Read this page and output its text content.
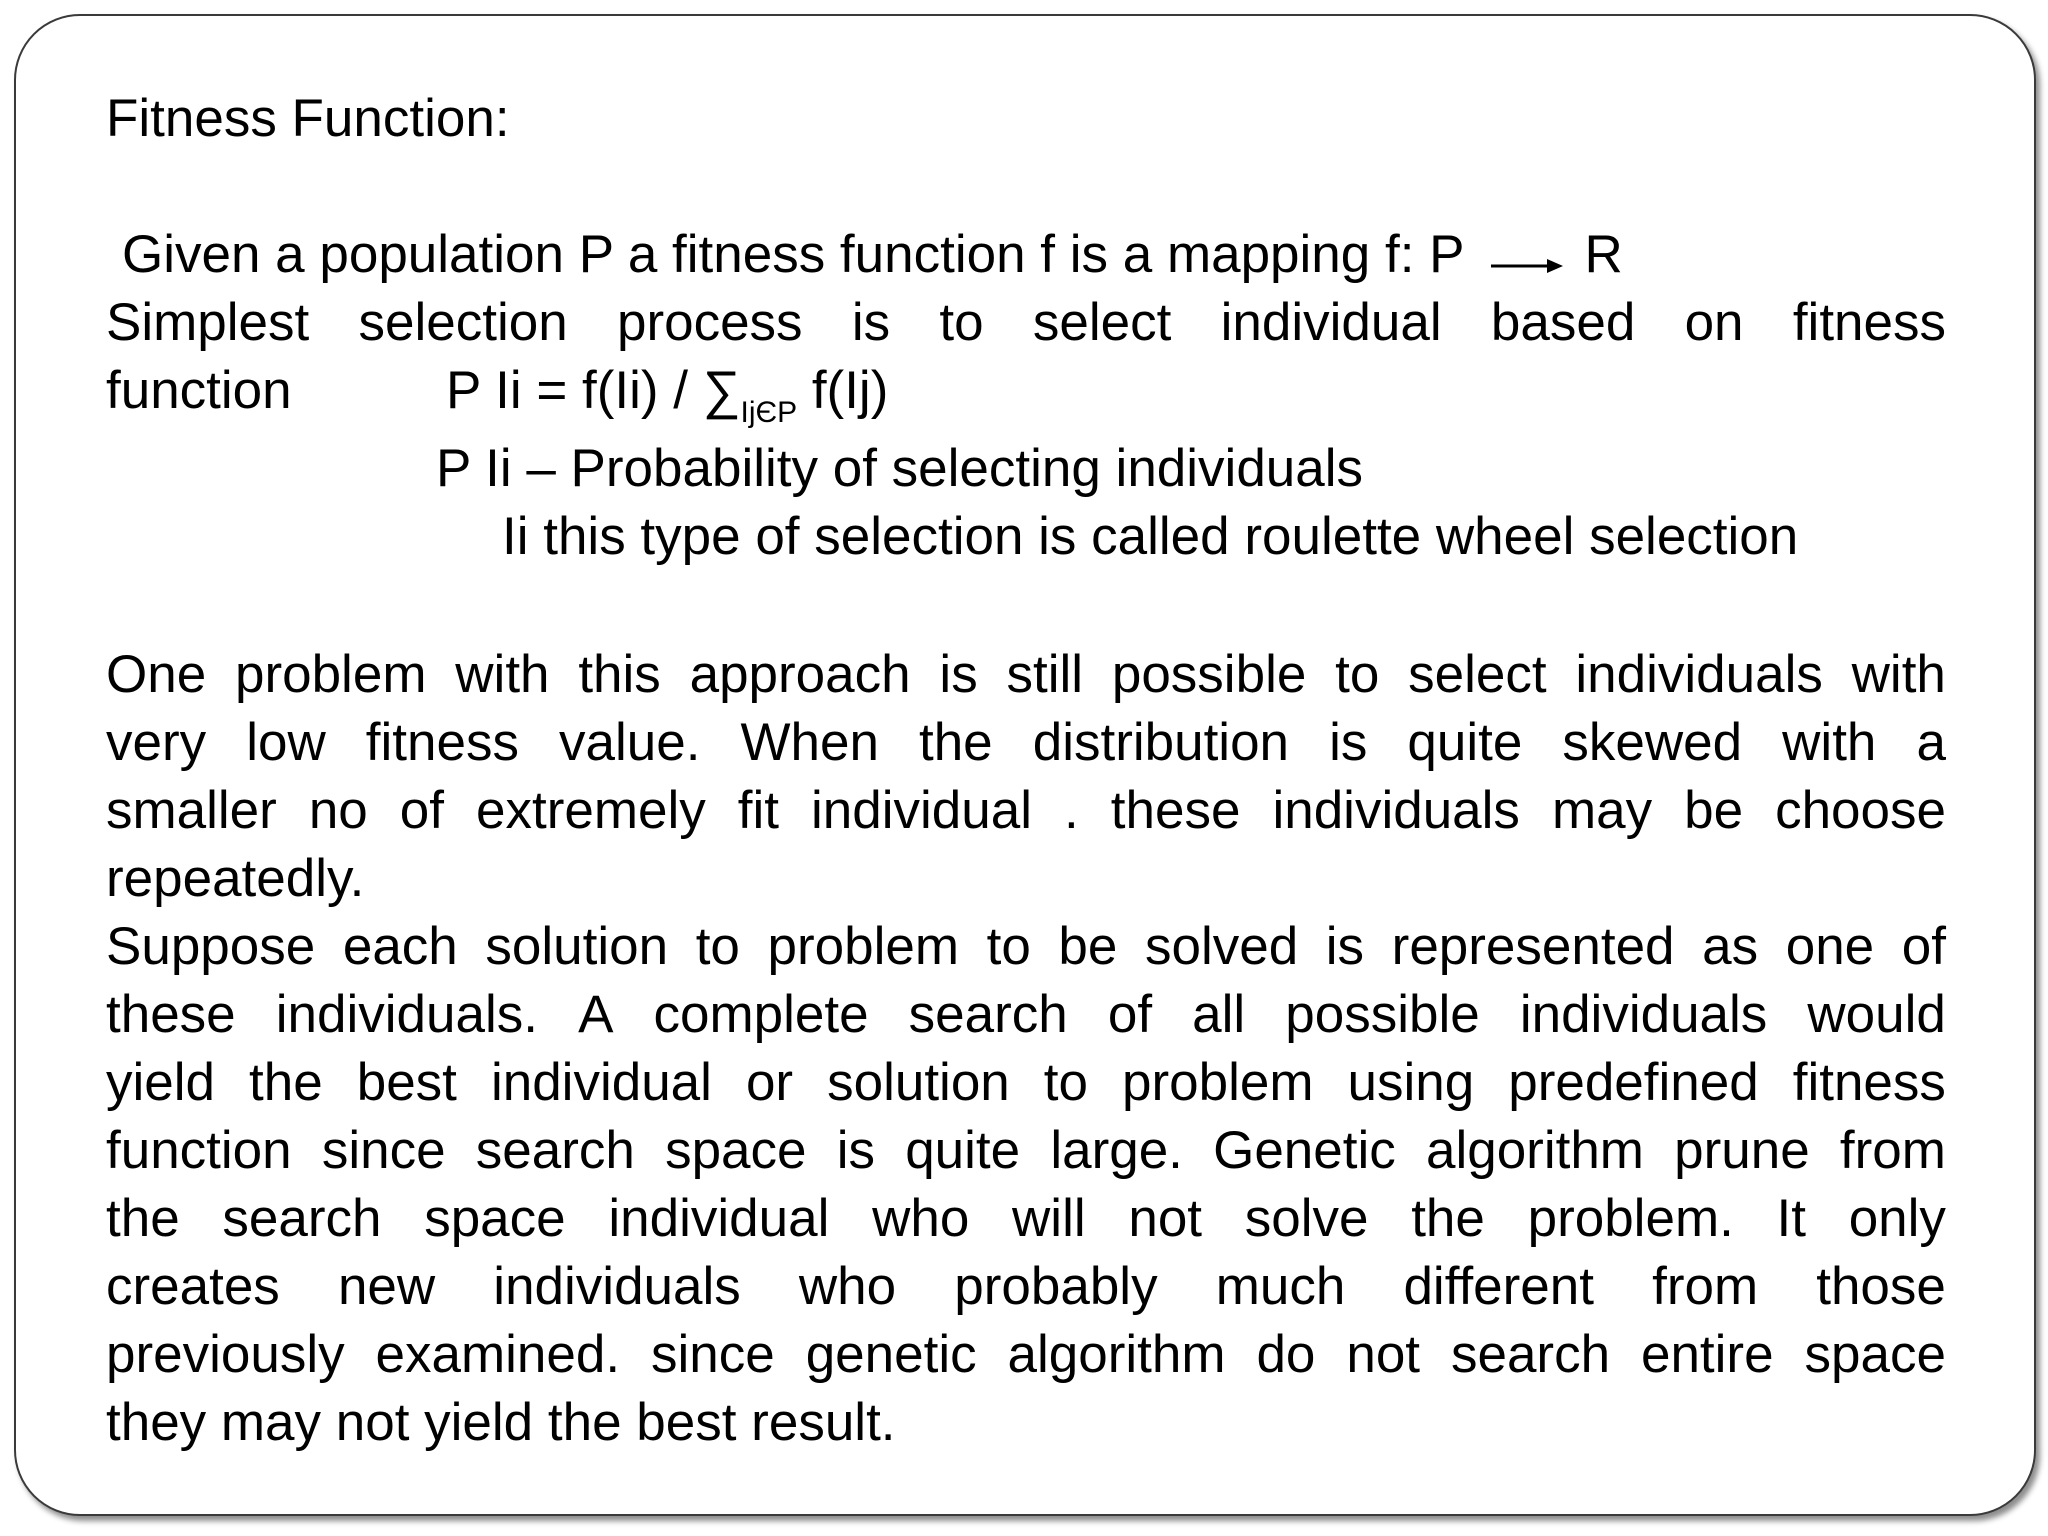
Fitness Function:
Given a population P a fitness function f is a mapping f: P R
Simplest selection process is to select individual based on fitness
function	P $Ii = f(Ii) / \sum_{IjЄP}$ f(Ij)
P Ii – Probability of selecting individuals
Ii this type of selection is called roulette wheel selection
One problem with this approach is still possible to select individuals with
very low fitness value. When the distribution is quite skewed with a
smaller no of extremely fit individual . these individuals may be choose
repeatedly.
Suppose each solution to problem to be solved is represented as one of
these individuals. A complete search of all possible individuals would
yield the best individual or solution to problem using predefined fitness
function since search space is quite large. Genetic algorithm prune from
the search space individual who will not solve the problem. It only
creates new individuals who probably much different from those
previously examined. since genetic algorithm do not search entire space
they may not yield the best result.
